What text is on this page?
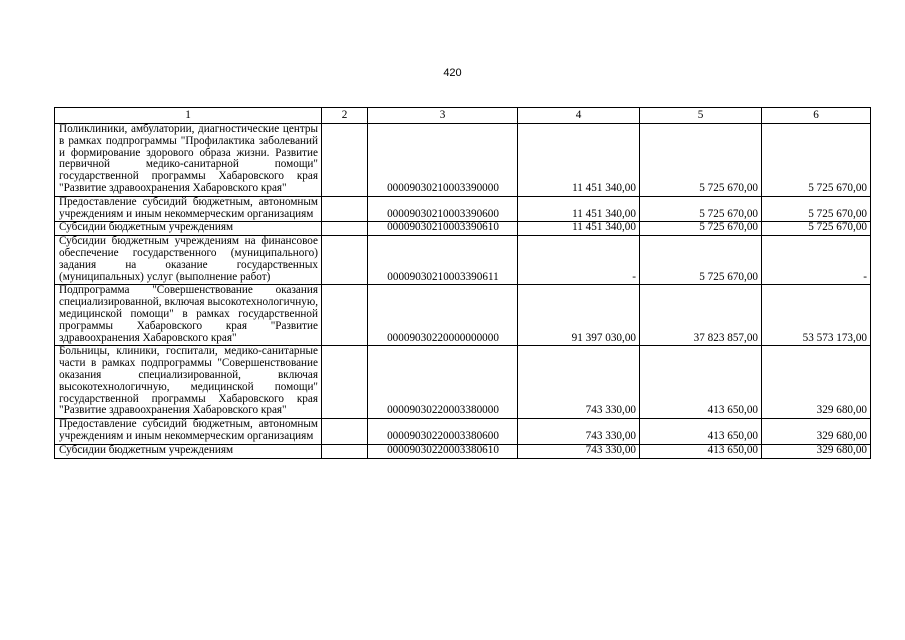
420
1	2	3	4	5	6
Поликлиники, амбулатории, диагностические центры в рамках подпрограммы "Профилактика заболеваний и формирование здорового образа жизни. Развитие первичной медико-санитарной помощи" государственной программы Хабаровского края "Развитие здравоохранения Хабаровского края"		00009030210003390000	11 451 340,00	5 725 670,00	5 725 670,00
Предоставление субсидий бюджетным, автономным учреждениям и иным некоммерческим организациям		00009030210003390600	11 451 340,00	5 725 670,00	5 725 670,00
Субсидии бюджетным учреждениям		00009030210003390610	11 451 340,00	5 725 670,00	5 725 670,00
Субсидии бюджетным учреждениям на финансовое обеспечение государственного (муниципального) задания на оказание государственных (муниципальных) услуг (выполнение работ)		00009030210003390611	-	5 725 670,00	-
Подпрограмма "Совершенствование оказания специализированной, включая высокотехнологичную, медицинской помощи" в рамках государственной программы Хабаровского края "Развитие здравоохранения Хабаровского края"		00009030220000000000	91 397 030,00	37 823 857,00	53 573 173,00
Больницы, клиники, госпитали, медико-санитарные части в рамках подпрограммы "Совершенствование оказания специализированной, включая высокотехнологичную, медицинской помощи" государственной программы Хабаровского края "Развитие здравоохранения Хабаровского края"		00009030220003380000	743 330,00	413 650,00	329 680,00
Предоставление субсидий бюджетным, автономным учреждениям и иным некоммерческим организациям		00009030220003380600	743 330,00	413 650,00	329 680,00
Субсидии бюджетным учреждениям		00009030220003380610	743 330,00	413 650,00	329 680,00
